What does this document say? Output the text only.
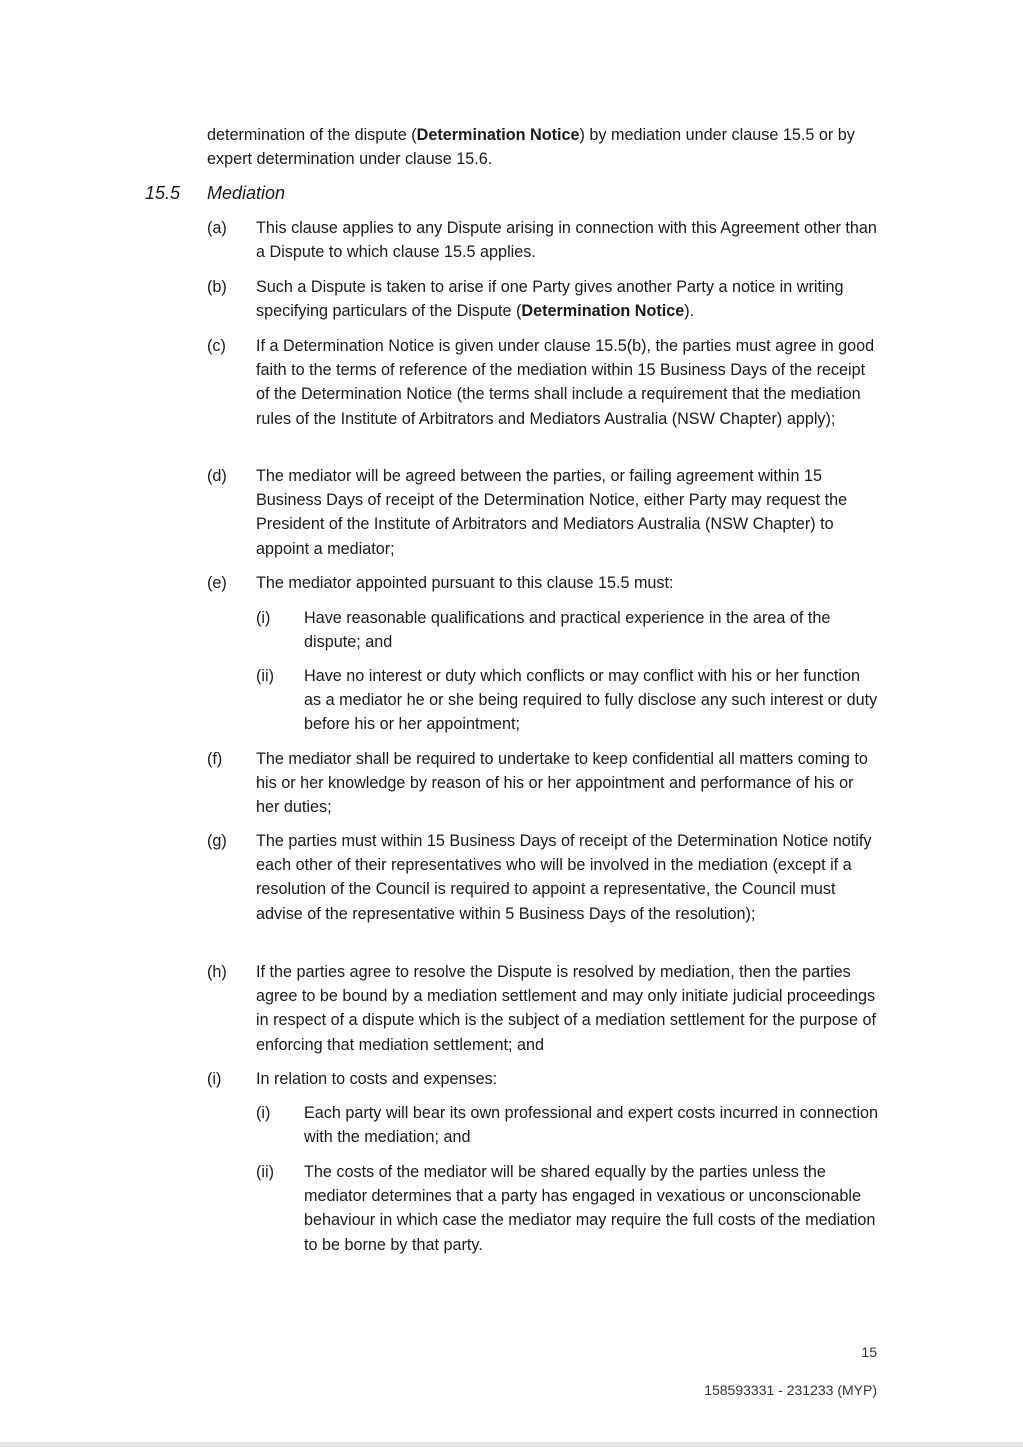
determination of the dispute (Determination Notice) by mediation under clause 15.5 or by expert determination under clause 15.6.
15.5 Mediation
(a)	This clause applies to any Dispute arising in connection with this Agreement other than a Dispute to which clause 15.5 applies.
(b)	Such a Dispute is taken to arise if one Party gives another Party a notice in writing specifying particulars of the Dispute (Determination Notice).
(c)	If a Determination Notice is given under clause 15.5(b), the parties must agree in good faith to the terms of reference of the mediation within 15 Business Days of the receipt of the Determination Notice (the terms shall include a requirement that the mediation rules of the Institute of Arbitrators and Mediators Australia (NSW Chapter) apply);
(d)	The mediator will be agreed between the parties, or failing agreement within 15 Business Days of receipt of the Determination Notice, either Party may request the President of the Institute of Arbitrators and Mediators Australia (NSW Chapter) to appoint a mediator;
(e)	The mediator appointed pursuant to this clause 15.5 must:
(i)	Have reasonable qualifications and practical experience in the area of the dispute; and
(ii)	Have no interest or duty which conflicts or may conflict with his or her function as a mediator he or she being required to fully disclose any such interest or duty before his or her appointment;
(f)	The mediator shall be required to undertake to keep confidential all matters coming to his or her knowledge by reason of his or her appointment and performance of his or her duties;
(g)	The parties must within 15 Business Days of receipt of the Determination Notice notify each other of their representatives who will be involved in the mediation (except if a resolution of the Council is required to appoint a representative, the Council must advise of the representative within 5 Business Days of the resolution);
(h)	If the parties agree to resolve the Dispute is resolved by mediation, then the parties agree to be bound by a mediation settlement and may only initiate judicial proceedings in respect of a dispute which is the subject of a mediation settlement for the purpose of enforcing that mediation settlement; and
(i)	In relation to costs and expenses:
(i)	Each party will bear its own professional and expert costs incurred in connection with the mediation; and
(ii)	The costs of the mediator will be shared equally by the parties unless the mediator determines that a party has engaged in vexatious or unconscionable behaviour in which case the mediator may require the full costs of the mediation to be borne by that party.
15
158593331 - 231233 (MYP)
